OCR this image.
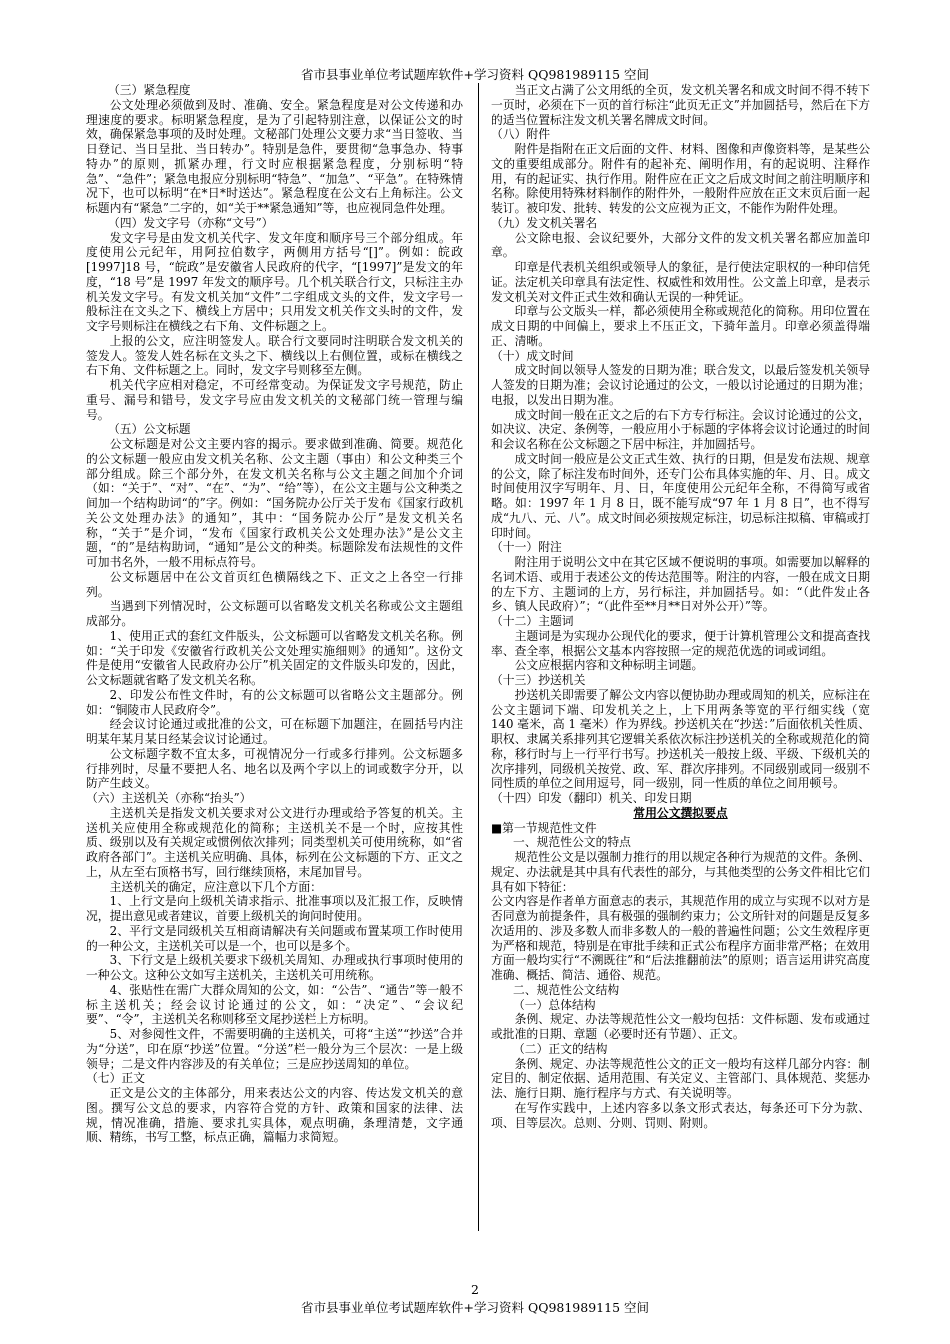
省市县事业单位考试题库软件+学习资料 QQ981989115 空间

（三）紧急程度

公文处理必须做到及时、准确、安全。紧急程度是对公文传递和办理速度的要求。标明紧急程度，是为了引起特别注意，以保证公文的时效，确保紧急事项的及时处理。文秘部门处理公文要力求“当日签收、当日登记、当日呈批、当日转办”。特别是急件，要贯彻“急事急办、特事特办”的原则，抓紧办理，行文时应根据紧急程度，分别标明“特急”、“急件”；紧急电报应分别标明“特急”、“加急”、“平急”。在特殊情况下，也可以标明“在*日*时送达”。紧急程度在公文右上角标注。公文标题内有“紧急”二字的，如“关于**紧急通知”等，也应视同急件处理。

（四）发文字号（亦称“文号”）

发文字号是由发文机关代字、发文年度和顺序号三个部分组成。年度使用公元纪年，用阿拉伯数字，两侧用方括号“[]”。例如：皖政[1997]18 号，“皖政”是安徽省人民政府的代字，“[1997]”是发文的年度，“18 号”是 1997 年发文的顺序号。几个机关联合行文，只标注主办机关发文字号。有发文机关加“文件”二字组成文头的文件，发文字号一般标注在文头之下、横线上方居中；只用发文机关作文头时的文件，发文字号则标注在横线之右下角、文件标题之上。

上报的公文，应注明签发人。联合行文要同时注明联合发文机关的签发人。签发人姓名标在文头之下、横线以上右侧位置，或标在横线之右下角、文件标题之上。同时，发文字号则移至左侧。

机关代字应相对稳定，不可经常变动。为保证发文字号规范，防止重号、漏号和错号，发文字号应由发文机关的文秘部门统一管理与编号。

（五）公文标题

公文标题是对公文主要内容的揭示。要求做到准确、简要。规范化的公文标题一般应由发文机关名称、公文主题（事由）和公文种类三个部分组成。除三个部分外，在发文机关名称与公文主题之间加个介词（如：“关于”、“对”、“在”、“为”、“给”等），在公文主题与公文种类之间加一个结构助词“的”字。例如：“国务院办公厅关于发布《国家行政机关公文处理办法》的通知”，其中：“国务院办公厅”是发文机关名称，“关于”是介词，“发布《国家行政机关公文处理办法》”是公文主题，“的”是结构助词，“通知”是公文的种类。标题除发布法规性的文件可加书名外，一般不用标点符号。

公文标题居中在公文首页红色横隔线之下、正文之上各空一行排列。

当遇到下列情况时，公文标题可以省略发文机关名称或公文主题组成部分。

1、使用正式的套红文件版头，公文标题可以省略发文机关名称。例如：“关于印发《安徽省行政机关公文处理实施细则》的通知”。这份文件是使用“安徽省人民政府办公厅”机关固定的文件版头印发的，因此，公文标题就省略了发文机关名称。

2、印发公布性文件时，有的公文标题可以省略公文主题部分。例如：“铜陵市人民政府令”。

经会议讨论通过或批准的公文，可在标题下加题注，在圆括号内注明某年某月某日经某会议讨论通过。

公文标题字数不宜太多，可视情况分一行或多行排列。公文标题多行排列时，尽量不要把人名、地名以及两个字以上的词或数字分开，以防产生歧义。

（六）主送机关（亦称“抬头”）

主送机关是指发文机关要求对公文进行办理或给予答复的机关。主送机关应使用全称或规范化的简称；主送机关不是一个时，应按其性质、级别以及有关规定或惯例依次排列；同类型机关可使用统称，如“省政府各部门”。主送机关应明确、具体，标列在公文标题的下方、正文之上，从左至右顶格书写，回行继续顶格，末尾加冒号。

主送机关的确定，应注意以下几个方面：

1、上行文是向上级机关请求指示、批准事项以及汇报工作，反映情况，提出意见或者建议，首要上级机关的询问时使用。

2、平行文是同级机关互相商请解决有关问题或布置某项工作时使用的一种公文，主送机关可以是一个，也可以是多个。

3、下行文是上级机关要求下级机关周知、办理或执行事项时使用的一种公文。这种公文如写主送机关，主送机关可用统称。

4、张贴性在需广大群众周知的公文，如：“公告”、“通告”等一般不标主送机关；经会议讨论通过的公文，如：“决定”、“会议纪要”、“令”，主送机关名称则移至文尾抄送栏上方标明。

5、对参阅性文件，不需要明确的主送机关，可将“主送”“抄送”合并为“分送”，印在原“抄送”位置。“分送”栏一般分为三个层次：一是上级领导；二是文件内容涉及的有关单位；三是应抄送周知的单位。

（七）正文

正文是公文的主体部分，用来表达公文的内容、传达发文机关的意图。撰写公文总的要求，内容符合党的方针、政策和国家的法律、法规，情况准确，措施、要求扎实具体，观点明确，条理清楚，文字通顺、精练，书写工整，标点正确，篇幅力求简短。

当正文占满了公文用纸的全页，发文机关署名和成文时间不得不转下一页时，必须在下一页的首行标注“此页无正文”并加圆括号，然后在下方的适当位置标注发文机关署名牌成文时间。

（八）附件

附件是指附在正文后面的文件、材料、图像和声像资料等，是某些公文的重要组成部分。附件有的起补充、阐明作用，有的起说明、注释作用，有的起证实、执行作用。附件应在正文之后成文时间之前注明顺序和名称。除使用特殊材料制作的附件外，一般附件应放在正文末页后面一起装订。被印发、批转、转发的公文应视为正文，不能作为附件处理。

（九）发文机关署名

公文除电报、会议纪要外，大部分文件的发文机关署名都应加盖印章。

印章是代表机关组织或领导人的象征，是行使法定职权的一种印信凭证。法定机关印章具有法定性、权威性和效用性。公文盖上印章，是表示发文机关对文件正式生效和确认无误的一种凭证。

印章与公文版头一样，都必须使用全称或规范化的简称。用印位置在成文日期的中间偏上，要求上不压正文，下骑年盖月。印章必须盖得端正、清晰。

（十）成文时间

成文时间以领导人签发的日期为准；联合发文，以最后签发机关领导人签发的日期为准；会议讨论通过的公文，一般以讨论通过的日期为准；电报，以发出日期为准。

成文时间一般在正文之后的右下方专行标注。会议讨论通过的公文，如决议、决定、条例等，一般应用小于标题的字体将会议讨论通过的时间和会议名称在公文标题之下居中标注，并加圆括号。

成文时间一般应是公文正式生效、执行的日期，但是发布法规、规章的公文，除了标注发布时间外，还专门公布具体实施的年、月、日。成文时间使用汉字写明年、月、日，年度使用公元纪年全称，不得简写或省略。如：1997 年 1 月 8 日，既不能写成“97 年 1 月 8 日”，也不得写成“九八、元、八”。成文时间必须按规定标注，切忌标注拟稿、审稿或打印时间。

（十一）附注

附注用于说明公文中在其它区域不便说明的事项。如需要加以解释的名词术语、或用于表述公文的传达范围等。附注的内容，一般在成文日期的左下方、主题词的上方，另行标注，并加圆括号。如：“（此件发止各乡、镇人民政府）”；“（此件至**月**日对外公开）”等。

（十二）主题词

主题词是为实现办公现代化的要求，便于计算机管理公文和提高查找率、查全率，根据公文基本内容按照一定的规范优选的词或词组。

公文应根据内容和文种标明主词题。

（十三）抄送机关

抄送机关即需要了解公文内容以便协助办理或周知的机关，应标注在公文主题词下端、印发机关之上，上下用两条等宽的平行细实线（宽 140 毫米，高 1 毫米）作为界线。抄送机关在“抄送：”后面依机关性质、职权、隶属关系排列其它逻辑关系依次标注抄送机关的全称或规范化的简称，移行时与上一行平行书写。抄送机关一般按上级、平级、下级机关的次序排列，同级机关按党、政、军、群次序排列。不同级别或同一级别不同性质的单位之间用逗号，同一级别，同一性质的单位之间用顿号。

（十四）印发（翻印）机关、印发日期

常用公文撰拟要点

■第一节规范性文件

一、规范性公文的特点

规范性公文是以强制力推行的用以规定各种行为规范的文件。条例、规定、办法就是其中具有代表性的部分，与其他类型的公务文件相比它们具有如下特征：

公文内容是作者单方面意志的表示，其规范作用的成立与实现不以对方是否同意为前提条件，具有极强的强制约束力；公文所针对的问题是反复多次适用的、涉及多数人而非多数人的一般的普遍性问题；公文生效程序更为严格和规范，特别是在审批手续和正式公布程序方面非常严格；在效用方面一般均实行“不溯既往”和“后法推翻前法”的原则；语言运用讲究高度准确、概括、简洁、通俗、规范。

二、规范性公文结构

（一）总体结构

条例、规定、办法等规范性公文一般均包括：文件标题、发布或通过或批准的日期、章题（必要时还有节题）、正文。

（二）正文的结构

条例、规定、办法等规范性公文的正文一般均有这样几部分内容：制定目的、制定依据、适用范围、有关定义、主管部门、具体规范、奖惩办法、施行日期、施行程序与方式、有关说明等。

在写作实践中，上述内容多以条文形式表达，每条还可下分为款、项、目等层次。总则、分则、罚则、附则。

2
省市县事业单位考试题库软件+学习资料 QQ981989115 空间
